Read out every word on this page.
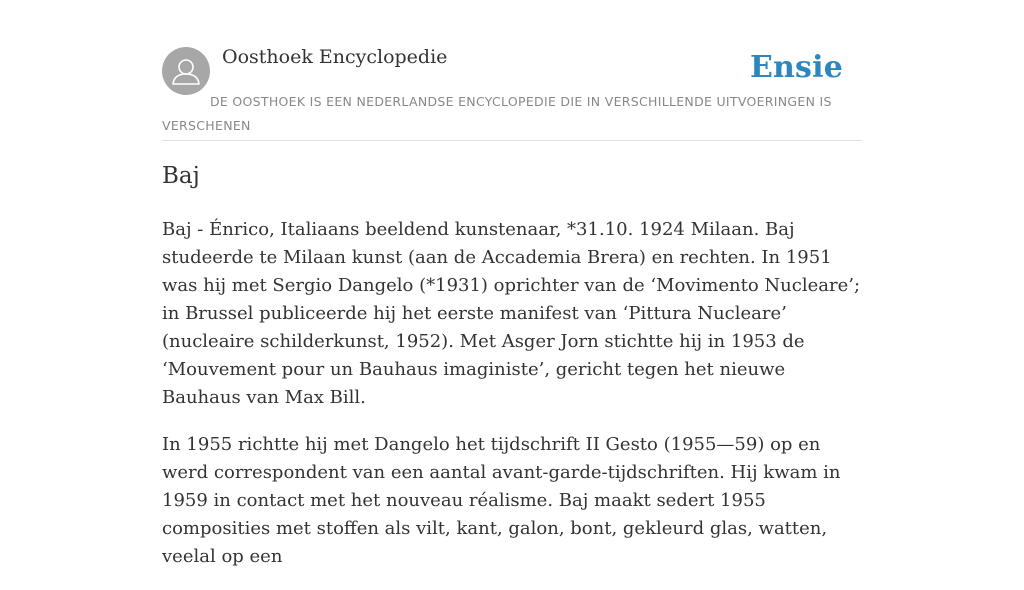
Oosthoek Encyclopedie	Ensie
DE OOSTHOEK IS EEN NEDERLANDSE ENCYCLOPEDIE DIE IN VERSCHILLENDE UITVOERINGEN IS VERSCHENEN
Baj

Baj - Énrico, Italiaans beeldend kunstenaar, *31.10. 1924 Milaan. Baj studeerde te Milaan kunst (aan de Accademia Brera) en rechten. In 1951 was hij met Sergio Dangelo (*1931) oprichter van de ‘Movimento Nucleare’; in Brussel publiceerde hij het eerste manifest van ‘Pittura Nucleare’ (nucleaire schilderkunst, 1952). Met Asger Jorn stichtte hij in 1953 de ‘Mouvement pour un Bauhaus imaginiste’, gericht tegen het nieuwe Bauhaus van Max Bill.

In 1955 richtte hij met Dangelo het tijdschrift II Gesto (1955—59) op en werd correspondent van een aantal avant-garde-tijdschriften. Hij kwam in 1959 in contact met het nouveau réalisme. Baj maakt sedert 1955 composities met stoffen als vilt, kant, galon, bont, gekleurd glas, watten, veelal op een
